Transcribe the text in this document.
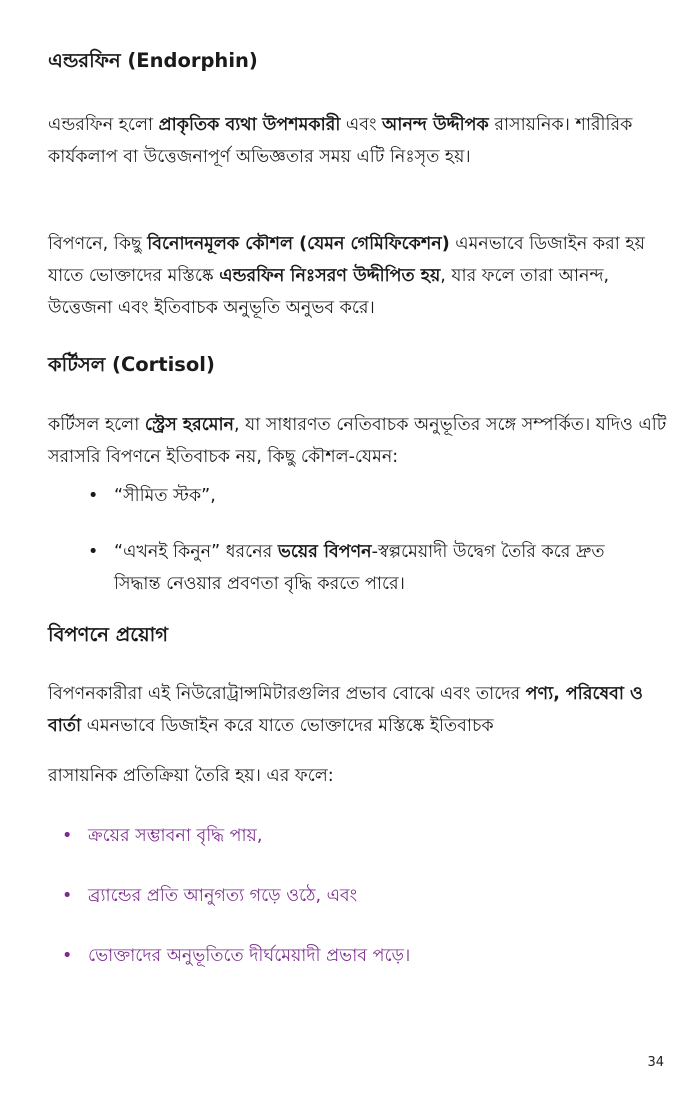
এন্ডরফিন (Endorphin)

এন্ডরফিন হলো প্রাকৃতিক ব্যথা উপশমকারী এবং আনন্দ উদ্দীপক রাসায়নিক। শারীরিক কার্যকলাপ বা উত্তেজনাপূর্ণ অভিজ্ঞতার সময় এটি নিঃসৃত হয়।

বিপণনে, কিছু বিনোদনমূলক কৌশল (যেমন গেমিফিকেশন) এমনভাবে ডিজাইন করা হয় যাতে ভোক্তাদের মস্তিষ্কে এন্ডরফিন নিঃসরণ উদ্দীপিত হয়, যার ফলে তারা আনন্দ, উত্তেজনা এবং ইতিবাচক অনুভূতি অনুভব করে।

কর্টিসল (Cortisol)

কর্টিসল হলো স্ট্রেস হরমোন, যা সাধারণত নেতিবাচক অনুভূতির সঙ্গে সম্পর্কিত। যদিও এটি সরাসরি বিপণনে ইতিবাচক নয়, কিছু কৌশল-যেমন:

• “সীমিত স্টক”,
• “এখনই কিনুন” ধরনের ভয়ের বিপণন-স্বল্পমেয়াদী উদ্বেগ তৈরি করে দ্রুত সিদ্ধান্ত নেওয়ার প্রবণতা বৃদ্ধি করতে পারে।
বিপণনে প্রয়োগ

বিপণনকারীরা এই নিউরোট্রান্সমিটারগুলির প্রভাব বোঝে এবং তাদের পণ্য, পরিষেবা ও বার্তা এমনভাবে ডিজাইন করে যাতে ভোক্তাদের মস্তিষ্কে ইতিবাচক

রাসায়নিক প্রতিক্রিয়া তৈরি হয়। এর ফলে:

• ক্রয়ের সম্ভাবনা বৃদ্ধি পায়,
• ব্র্যান্ডের প্রতি আনুগত্য গড়ে ওঠে, এবং
• ভোক্তাদের অনুভূতিতে দীর্ঘমেয়াদী প্রভাব পড়ে।
34
